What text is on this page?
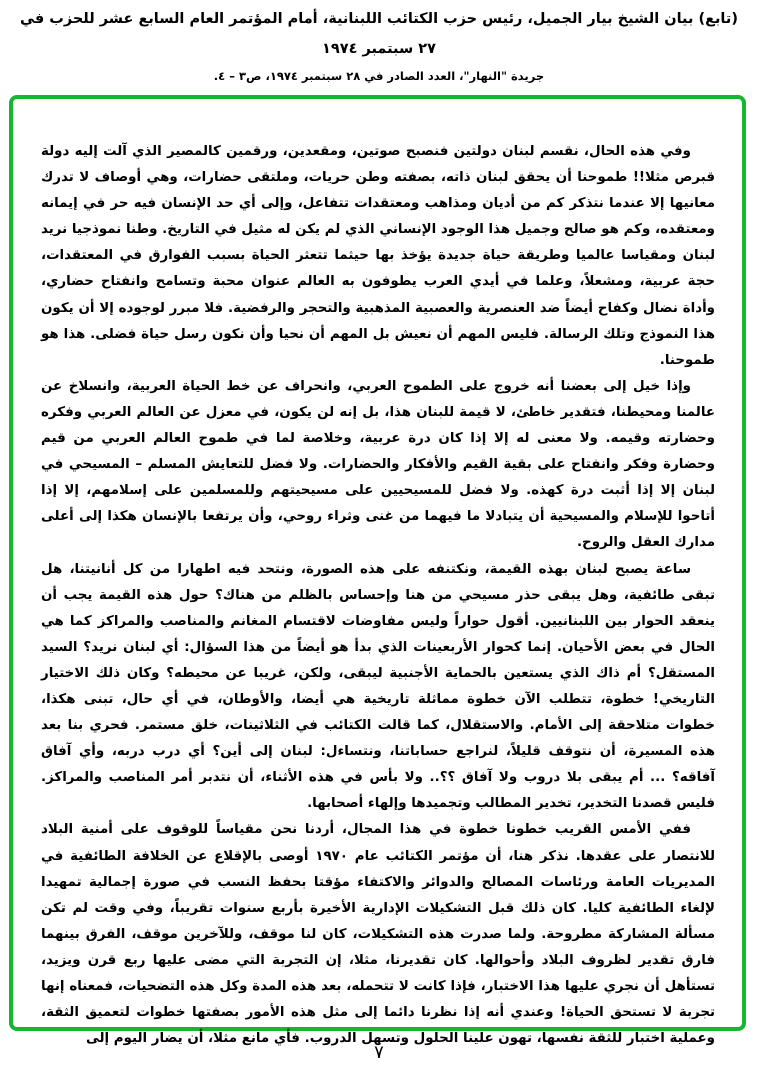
(تابع) بيان الشيخ بيار الجميل، رئيس حزب الكتائب اللبنانية، أمام المؤتمر العام السابع عشر للحزب في ٢٧ سبتمبر ١٩٧٤

جريدة "النهار"، العدد الصادر في ٢٨ سبتمبر ١٩٧٤، ص٣ – ٤.

وفي هذه الحال، نقسم لبنان دولتين فنصبح صوتين، ومقعدين، ورقمين كالمصير الذي آلت إليه دولة قبرص مثلا!! طموحنا أن يحقق لبنان ذاته، بصفته وطن حريات، وملتقى حضارات، وهي أوصاف لا تدرك معانيها إلا عندما نتذكر كم من أديان ومذاهب ومعتقدات تتفاعل، وإلى أي حد الإنسان فيه حر في إيمانه ومعتقده، وكم هو صالح وجميل هذا الوجود الإنساني الذي لم يكن له مثيل في التاريخ. وطنا نموذجيا نريد لبنان ومقياسا عالميا وطريقة حياة جديدة يؤخذ بها حيثما تتعثر الحياة بسبب الفوارق في المعتقدات، حجة عربية، ومشعلاً، وعلما في أيدي العرب يطوفون به العالم عنوان محبة وتسامح وانفتاح حضاري، وأداة نضال وكفاح أيضاً ضد العنصرية والعصبية المذهبية والتحجر والرفضية. فلا مبرر لوجوده إلا أن يكون هذا النموذج وتلك الرسالة. فليس المهم أن نعيش بل المهم أن نحيا وأن نكون رسل حياة فضلى. هذا هو طموحنا.

وإذا خيل إلى بعضنا أنه خروج على الطموح العربي، وانحراف عن خط الحياة العربية، وانسلاخ عن عالمنا ومحيطنا، فتقدير خاطئ، لا قيمة للبنان هذا، بل إنه لن يكون، في معزل عن العالم العربي وفكره وحضارته وقيمه. ولا معنى له إلا إذا كان درة عربية، وخلاصة لما في طموح العالم العربي من قيم وحضارة وفكر وانفتاح على بقية القيم والأفكار والحضارات. ولا فضل للتعايش المسلم – المسيحي في لبنان إلا إذا أثبت درة كهذه. ولا فضل للمسيحيين على مسيحيتهم وللمسلمين على إسلامهم، إلا إذا أتاحوا للإسلام والمسيحية أن يتبادلا ما فيهما من غنى وثراء روحي، وأن يرتفعا بالإنسان هكذا إلى أعلى مدارك العقل والروح.

ساعة يصبح لبنان بهذه القيمة، ونكتنفه على هذه الصورة، ونتحد فيه اطهارا من كل أنانيتنا، هل تبقى طائفية، وهل يبقى حذر مسيحي من هنا وإحساس بالظلم من هناك؟ حول هذه القيمة يجب أن ينعقد الحوار بين اللبنانيين. أقول حواراً وليس مفاوضات لاقتسام المغانم والمناصب والمراكز كما هي الحال في بعض الأحيان. إنما كحوار الأربعينات الذي بدأ هو أيضاً من هذا السؤال: أي لبنان نريد؟ السيد المستقل؟ أم ذاك الذي يستعين بالحماية الأجنبية ليبقى، ولكن، غريبا عن محيطه؟ وكان ذلك الاختيار التاريخي! خطوة، تتطلب الآن خطوة مماثلة تاريخية هي أيضا، والأوطان، في أي حال، تبنى هكذا، خطوات متلاحقة إلى الأمام. والاستقلال، كما قالت الكتائب في الثلاثينات، خلق مستمر. فحري بنا بعد هذه المسيرة، أن نتوقف قليلاً، لنراجع حساباتنا، ونتساءل: لبنان إلى أين؟ أي درب دربه، وأي آفاق آفاقه؟ ... أم يبقى بلا دروب ولا آفاق ؟؟.. ولا بأس في هذه الأثناء، أن نتدبر أمر المناصب والمراكز. فليس قصدنا التخدير، تخدير المطالب وتجميدها وإلهاء أصحابها.

ففي الأمس القريب خطونا خطوة في هذا المجال، أردنا نحن مقياساً للوقوف على أمنية البلاد للانتصار على عقدها. نذكر هنا، أن مؤتمر الكتائب عام ١٩٧٠ أوصى بالإقلاع عن الخلافة الطائفية في المديريات العامة ورئاسات المصالح والدوائر والاكتفاء مؤقتا بحفظ النسب في صورة إجمالية تمهيدا لإلغاء الطائفية كليا. كان ذلك قبل التشكيلات الإدارية الأخيرة بأربع سنوات تقريباً، وفي وقت لم تكن مسألة المشاركة مطروحة. ولما صدرت هذه التشكيلات، كان لنا موقف، وللآخرين موقف، الفرق بينهما فارق تقدير لظروف البلاد وأحوالها. كان تقديرنا، مثلا، إن التجربة التي مضى عليها ربع قرن ويزيد، تستأهل أن نجري عليها هذا الاختبار، فإذا كانت لا تتحمله، بعد هذه المدة وكل هذه التضحيات، فمعناه إنها تجربة لا تستحق الحياة! وعندي أنه إذا نظرنا دائما إلى مثل هذه الأمور بصفتها خطوات لتعميق الثقة، وعملية اختبار للثقة نفسها، تهون علينا الحلول وتسهل الدروب. فأي مانع مثلا، أن يضار اليوم إلى

٧
